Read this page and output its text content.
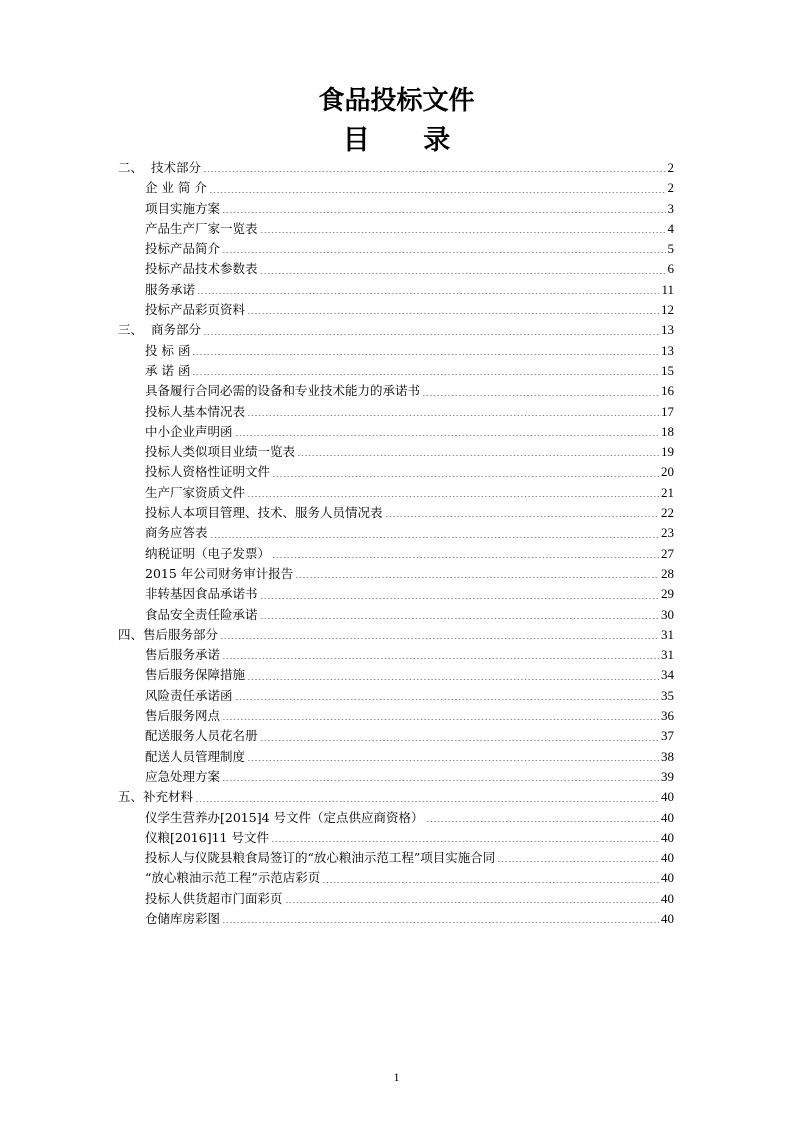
食品投标文件
目 录
二、  技术部分	2
企 业 简 介	2
项目实施方案	3
产品生产厂家一览表	4
投标产品简介	5
投标产品技术参数表	6
服务承诺	11
投标产品彩页资料	12
三、  商务部分	13
投 标 函	13
承 诺 函	15
具备履行合同必需的设备和专业技术能力的承诺书	16
投标人基本情况表	17
中小企业声明函	18
投标人类似项目业绩一览表	19
投标人资格性证明文件	20
生产厂家资质文件	21
投标人本项目管理、技术、服务人员情况表	22
商务应答表	23
纳税证明（电子发票）	27
2015 年公司财务审计报告	28
非转基因食品承诺书	29
食品安全责任险承诺	30
四、售后服务部分	31
售后服务承诺	31
售后服务保障措施	34
风险责任承诺函	35
售后服务网点	36
配送服务人员花名册	37
配送人员管理制度	38
应急处理方案	39
五、补充材料	40
仪学生营养办[2015]4 号文件（定点供应商资格）	40
仪粮[2016]11 号文件	40
投标人与仪陇县粮食局签订的“放心粮油示范工程”项目实施合同	40
“放心粮油示范工程”示范店彩页	40
投标人供货超市门面彩页	40
仓储库房彩图	40
1
